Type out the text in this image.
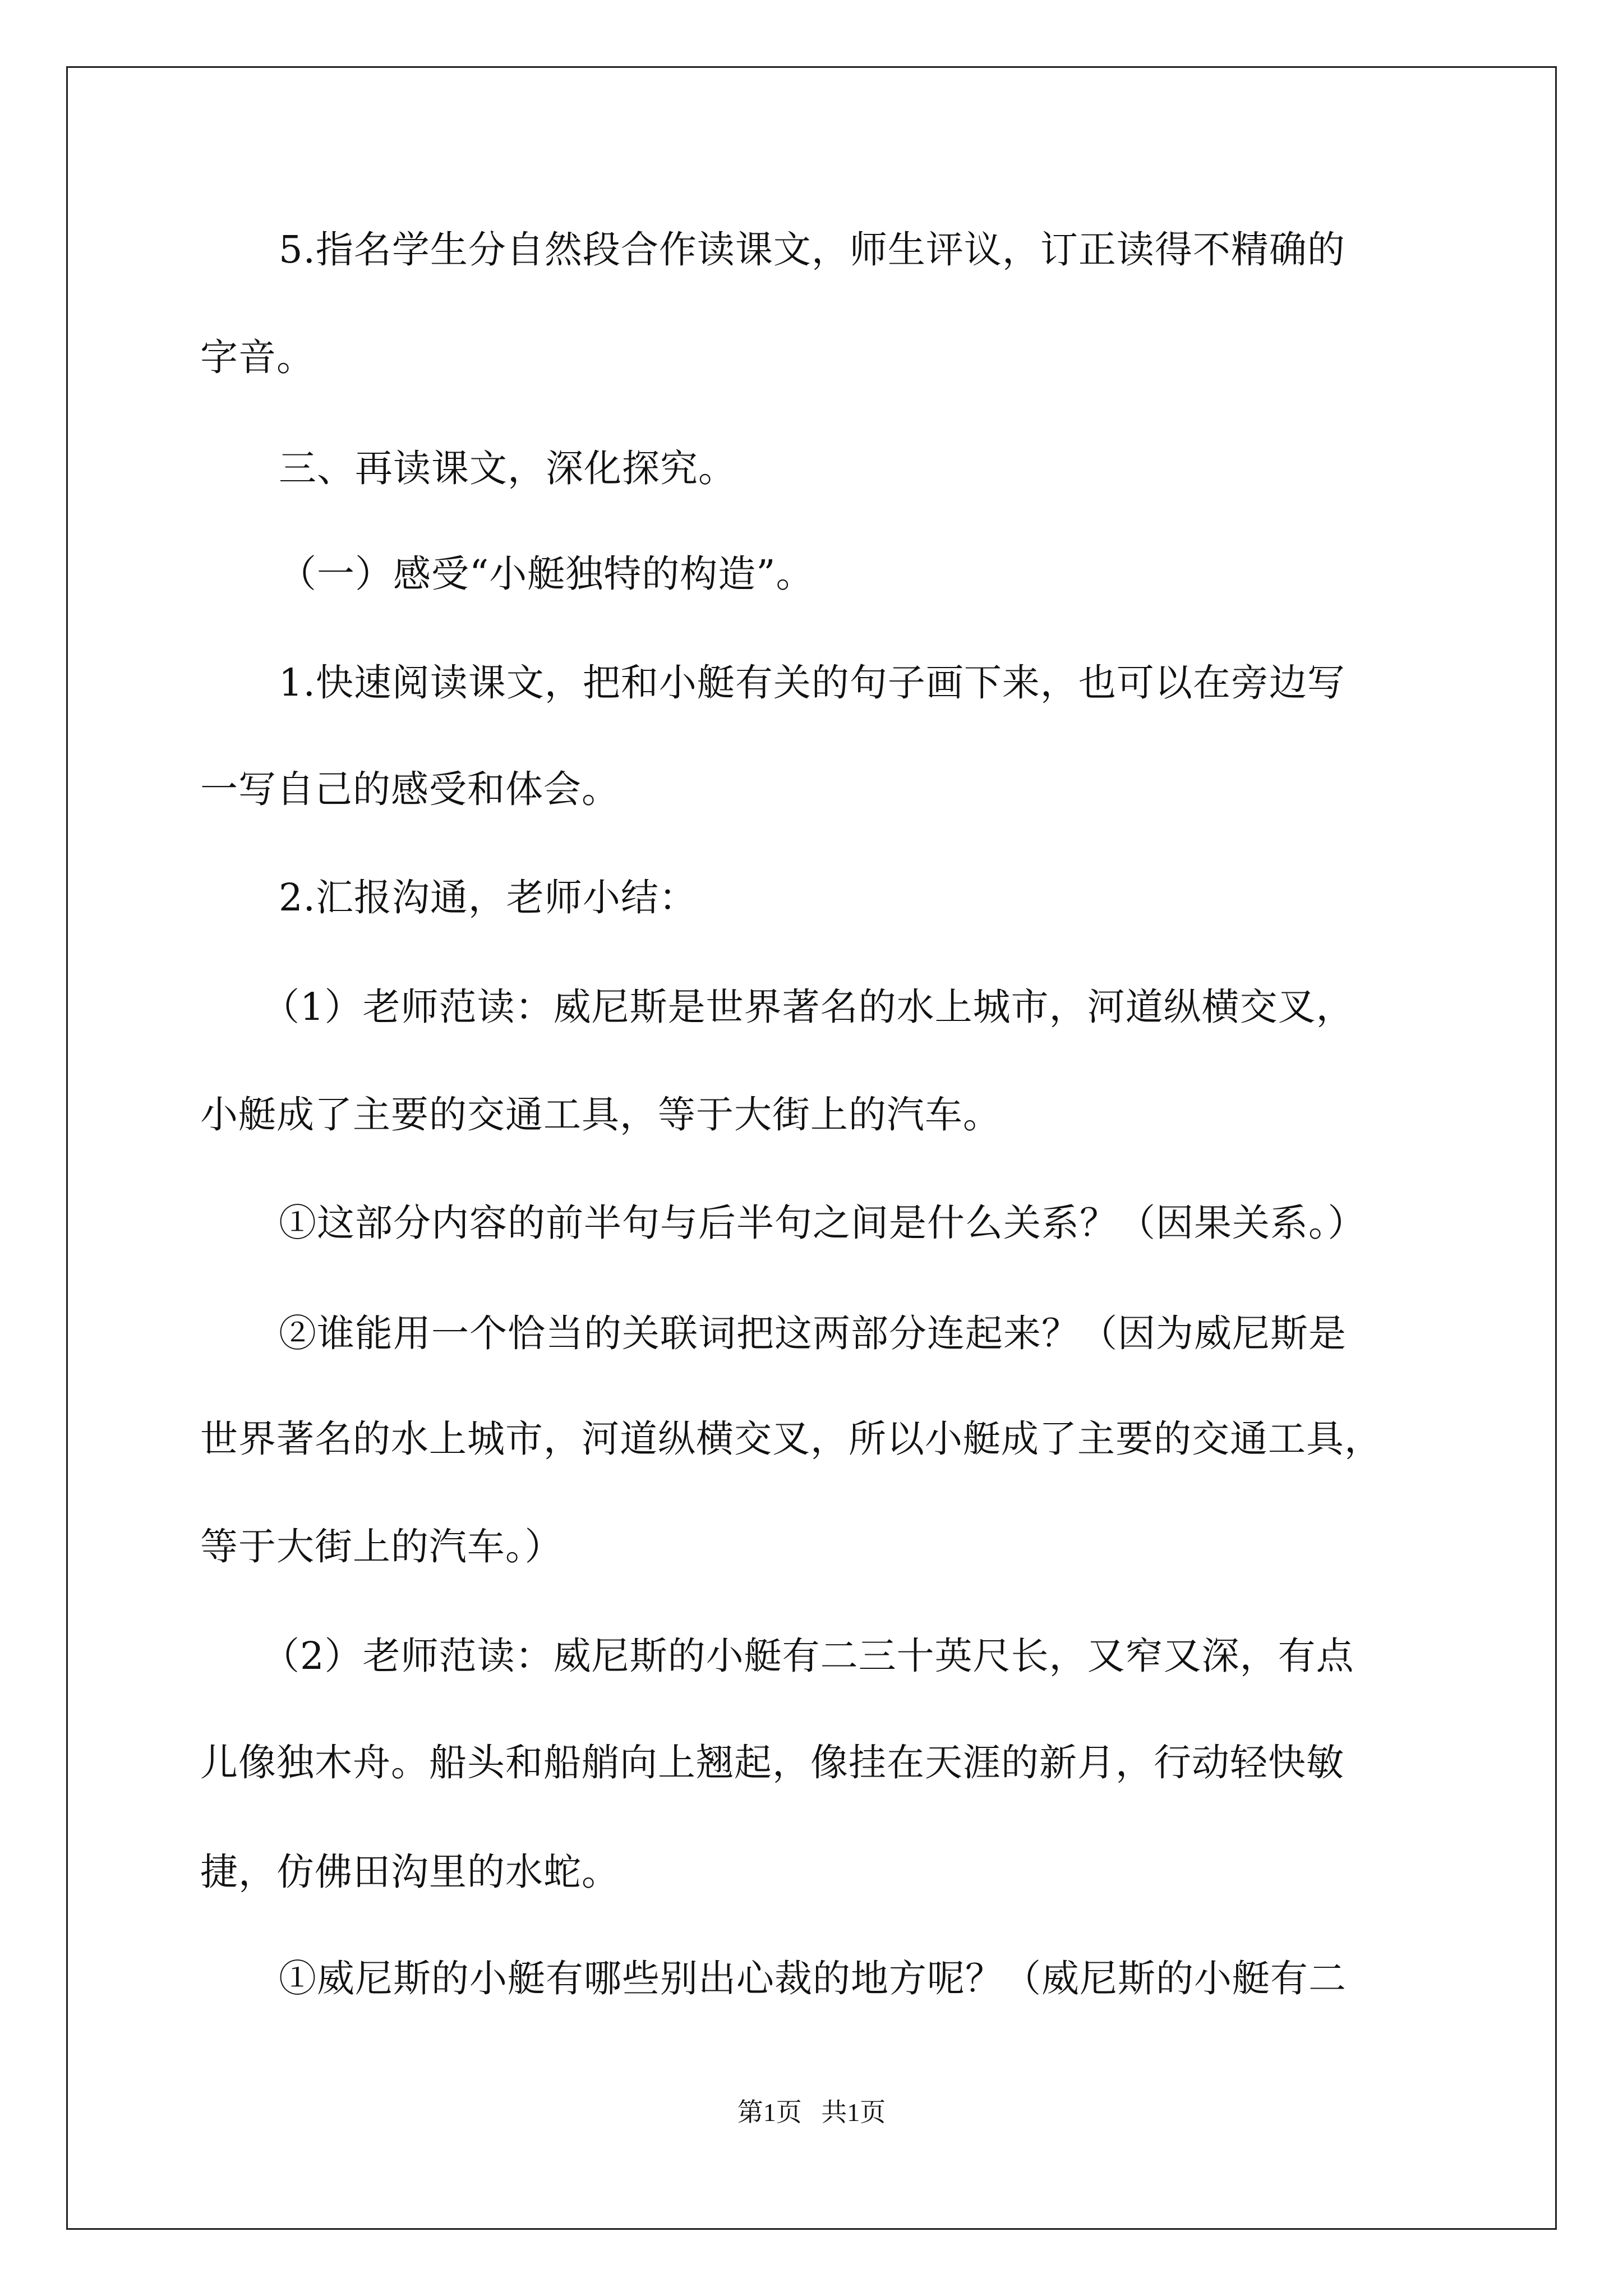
5.指名学生分自然段合作读课文，师生评议，订正读得不精确的
字音。
三、再读课文，深化探究。
（一）感受“小艇独特的构造”。
1.快速阅读课文，把和小艇有关的句子画下来，也可以在旁边写
一写自己的感受和体会。
2.汇报沟通，老师小结：
（1）老师范读：威尼斯是世界著名的水上城市，河道纵横交叉，
小艇成了主要的交通工具，等于大街上的汽车。
①这部分内容的前半句与后半句之间是什么关系？（因果关系。）
②谁能用一个恰当的关联词把这两部分连起来？（因为威尼斯是
世界著名的水上城市，河道纵横交叉，所以小艇成了主要的交通工具，
等于大街上的汽车。）
（2）老师范读：威尼斯的小艇有二三十英尺长，又窄又深，有点
儿像独木舟。船头和船艄向上翘起，像挂在天涯的新月，行动轻快敏
捷，仿佛田沟里的水蛇。
①威尼斯的小艇有哪些别出心裁的地方呢？（威尼斯的小艇有二
第1页   共1页
